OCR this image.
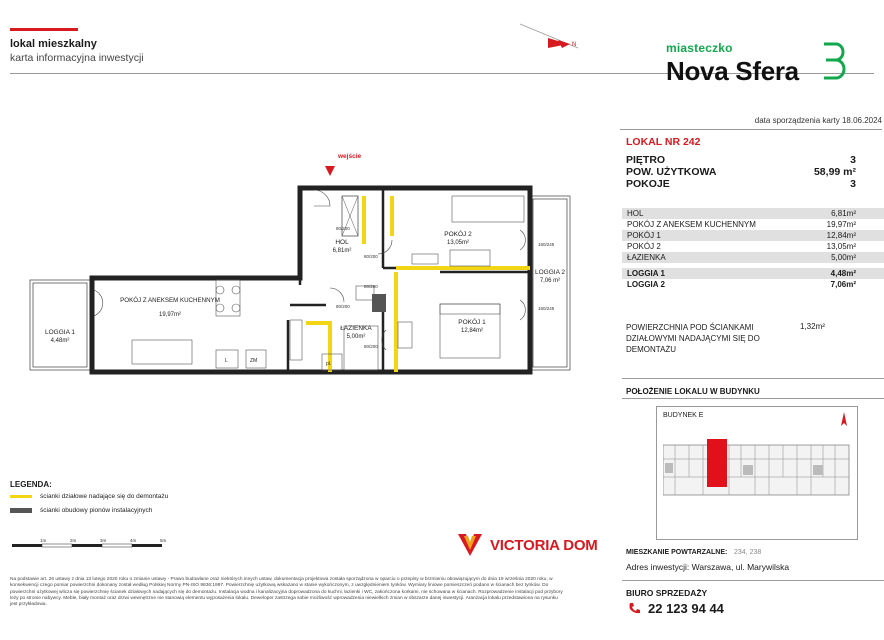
lokal mieszkalny
karta informacyjna inwestycji
N	miasteczko
Nova Sfera
data sporządzenia karty 18.06.2024
LOKAL NR 242
PIĘTRO	3
POW. UŻYTKOWA	58,99 m²
POKOJE	3
HOL	6,81m²
POKÓJ Z ANEKSEM KUCHENNYM	19,97m²
POKÓJ 1	12,84m²
POKÓJ 2	13,05m²
ŁAZIENKA	5,00m²
LOGGIA 1	4,48m²
LOGGIA 2	7,06m²
POWIERZCHNIA POD ŚCIANKAMI DZIAŁOWYMI NADAJĄCYMI SIĘ DO DEMONTAŻU
1,32m²
POŁOŻENIE LOKALU W BUDYNKU
BUDYNEK E
MIESZKANIE POWTARZALNE: 234, 238
Adres inwestycji: Warszawa, ul. Marywilska
BIURO SPRZEDAŻY
22 123 94 44
wejście
L	ZM	pl.
HOL
6,81m²
POKÓJ 2
13,05m²
LOGGIA 2
7,06 m²
POKÓJ Z ANEKSEM KUCHENNYM
19,97m²
LOGGIA 1
4,48m²
ŁAZIENKA
5,00m²
POKÓJ 1
12,84m²
80/200
80/200
80/200
80/200
160/245
160/245
80/200
LEGENDA:
ścianki działowe nadające się do demontażu
ścianki obudowy pionów instalacyjnych
1m	2m	3m	4m	5m	VICTORIA DOM
Na podstawie art. 26 ustawy z dnia 13 lutego 2020 roku o zmianie ustawy - Prawo budowlane oraz niektórych innych ustaw, dokumentacja projektowa została sporządzona w oparciu o przepisy w brzmieniu obowiązującym do dnia 19 września 2020 roku, w konsekwencji czego pomiar powierzchni dokonany został według Polskiej Normy PN-ISO 9836:1997. Powierzchnię użytkową wskazano w stanie wykończonym, z uwzględnieniem tynków. Wymiary liniowe pomieszczeń podano w ścianach bez tynków. Do powierzchni użytkowej wlicza się powierzchnię ścianek działowych nadających się do demontażu. Instalacja wodna i kanalizacyjna doprowadzona do kuchni, łazienki i WC, zakończona korkami, nie schowana w ścianach. Rozprowadzenie instalacji pod przybory leży po stronie nabywcy. Meble, biały montaż oraz drzwi wewnętrzne nie stanowią elementu wyposażenia lokalu. Deweloper zastrzega sobie możliwość wprowadzenia niewielkich zmian w obszarze danej inwestycji. Aranżacja lokalu przedstawiona na rysunku jest przykładowa.
